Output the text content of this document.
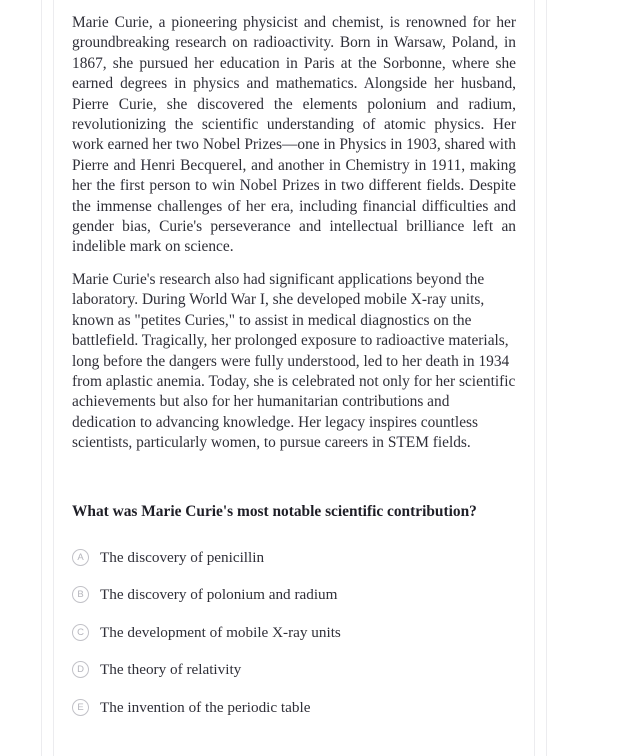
Marie Curie, a pioneering physicist and chemist, is renowned for her groundbreaking research on radioactivity. Born in Warsaw, Poland, in 1867, she pursued her education in Paris at the Sorbonne, where she earned degrees in physics and mathematics. Alongside her husband, Pierre Curie, she discovered the elements polonium and radium, revolutionizing the scientific understanding of atomic physics. Her work earned her two Nobel Prizes—one in Physics in 1903, shared with Pierre and Henri Becquerel, and another in Chemistry in 1911, making her the first person to win Nobel Prizes in two different fields. Despite the immense challenges of her era, including financial difficulties and gender bias, Curie's perseverance and intellectual brilliance left an indelible mark on science.

Marie Curie's research also had significant applications beyond the laboratory. During World War I, she developed mobile X-ray units, known as "petites Curies," to assist in medical diagnostics on the battlefield. Tragically, her prolonged exposure to radioactive materials, long before the dangers were fully understood, led to her death in 1934 from aplastic anemia. Today, she is celebrated not only for her scientific achievements but also for her humanitarian contributions and dedication to advancing knowledge. Her legacy inspires countless scientists, particularly women, to pursue careers in STEM fields.

What was Marie Curie's most notable scientific contribution?
A	The discovery of penicillin
B	The discovery of polonium and radium
C	The development of mobile X-ray units
D	The theory of relativity
E	The invention of the periodic table
